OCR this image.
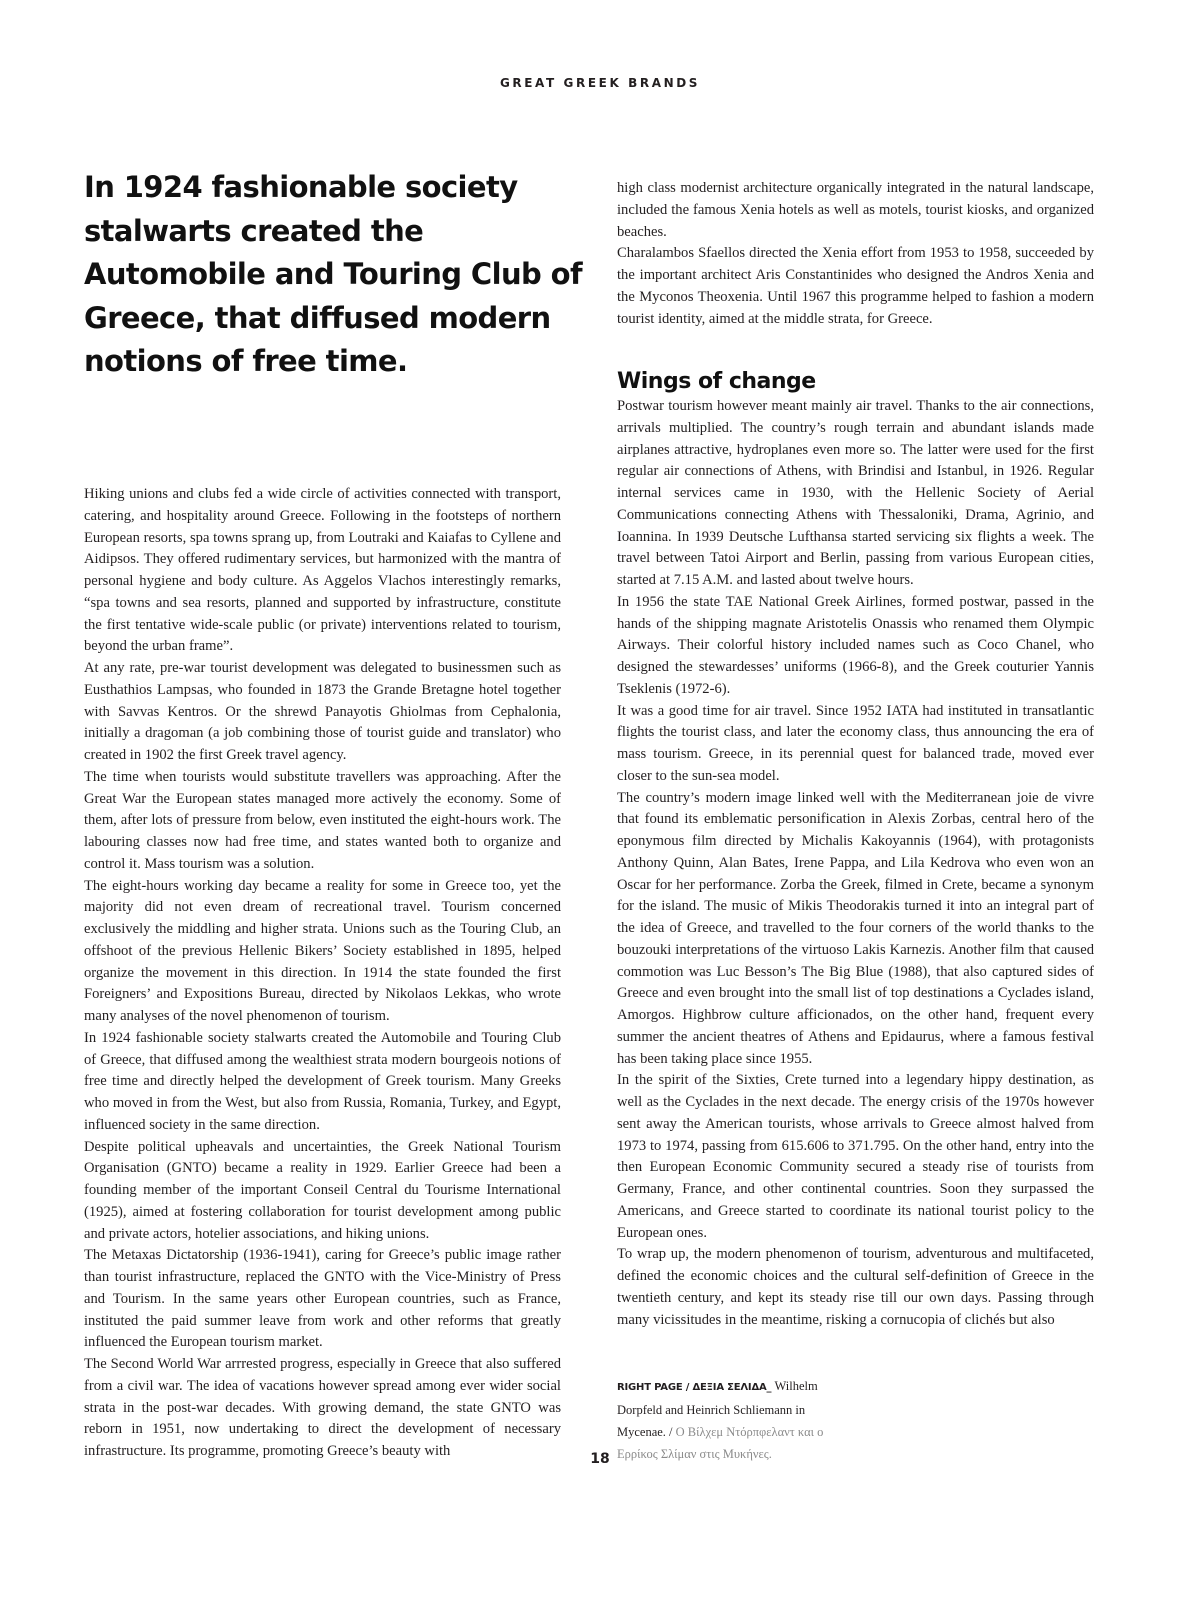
GREAT GREEK BRANDS
In 1924 fashionable society stalwarts created the Automobile and Touring Club of Greece, that diffused modern notions of free time.

Hiking unions and clubs fed a wide circle of activities connected with transport, catering, and hospitality around Greece. Following in the footsteps of northern European resorts, spa towns sprang up, from Loutraki and Kaiafas to Cyllene and Aidipsos. They offered rudimentary services, but harmonized with the mantra of personal hygiene and body culture. As Aggelos Vlachos interestingly remarks, “spa towns and sea resorts, planned and supported by infrastructure, constitute the first tentative wide-scale public (or private) interventions related to tourism, beyond the urban frame”.

At any rate, pre-war tourist development was delegated to businessmen such as Eusthathios Lampsas, who founded in 1873 the Grande Bretagne hotel together with Savvas Kentros. Or the shrewd Panayotis Ghiolmas from Cephalonia, initially a dragoman (a job combining those of tourist guide and translator) who created in 1902 the first Greek travel agency.

The time when tourists would substitute travellers was approaching. After the Great War the European states managed more actively the economy. Some of them, after lots of pressure from below, even instituted the eight-hours work. The labouring classes now had free time, and states wanted both to organize and control it. Mass tourism was a solution.

The eight-hours working day became a reality for some in Greece too, yet the majority did not even dream of recreational travel. Tourism concerned exclusively the middling and higher strata. Unions such as the Touring Club, an offshoot of the previous Hellenic Bikers’ Society established in 1895, helped organize the movement in this direction. In 1914 the state founded the first Foreigners’ and Expositions Bureau, directed by Nikolaos Lekkas, who wrote many analyses of the novel phenomenon of tourism.

In 1924 fashionable society stalwarts created the Automobile and Touring Club of Greece, that diffused among the wealthiest strata modern bourgeois notions of free time and directly helped the development of Greek tourism. Many Greeks who moved in from the West, but also from Russia, Romania, Turkey, and Egypt, influenced society in the same direction.

Despite political upheavals and uncertainties, the Greek National Tourism Organisation (GNTO) became a reality in 1929. Earlier Greece had been a founding member of the important Conseil Central du Tourisme International (1925), aimed at fostering collaboration for tourist development among public and private actors, hotelier associations, and hiking unions.

The Metaxas Dictatorship (1936-1941), caring for Greece’s public image rather than tourist infrastructure, replaced the GNTO with the Vice-Ministry of Press and Tourism. In the same years other European countries, such as France, instituted the paid summer leave from work and other reforms that greatly influenced the European tourism market.

The Second World War arrrested progress, especially in Greece that also suffered from a civil war. The idea of vacations however spread among ever wider social strata in the post-war decades. With growing demand, the state GNTO was reborn in 1951, now undertaking to direct the development of necessary infrastructure. Its programme, promoting Greece’s beauty with

high class modernist architecture organically integrated in the natural landscape, included the famous Xenia hotels as well as motels, tourist kiosks, and organized beaches.

Charalambos Sfaellos directed the Xenia effort from 1953 to 1958, succeeded by the important architect Aris Constantinides who designed the Andros Xenia and the Myconos Theoxenia. Until 1967 this programme helped to fashion a modern tourist identity, aimed at the middle strata, for Greece.

Wings of change

Postwar tourism however meant mainly air travel. Thanks to the air connections, arrivals multiplied. The country’s rough terrain and abundant islands made airplanes attractive, hydroplanes even more so. The latter were used for the first regular air connections of Athens, with Brindisi and Istanbul, in 1926. Regular internal services came in 1930, with the Hellenic Society of Aerial Communications connecting Athens with Thessaloniki, Drama, Agrinio, and Ioannina. In 1939 Deutsche Lufthansa started servicing six flights a week. The travel between Tatoi Airport and Berlin, passing from various European cities, started at 7.15 A.M. and lasted about twelve hours.

In 1956 the state TAE National Greek Airlines, formed postwar, passed in the hands of the shipping magnate Aristotelis Onassis who renamed them Olympic Airways. Their colorful history included names such as Coco Chanel, who designed the stewardesses’ uniforms (1966-8), and the Greek couturier Yannis Tseklenis (1972-6).

It was a good time for air travel. Since 1952 IATA had instituted in transatlantic flights the tourist class, and later the economy class, thus announcing the era of mass tourism. Greece, in its perennial quest for balanced trade, moved ever closer to the sun-sea model.

The country’s modern image linked well with the Mediterranean joie de vivre that found its emblematic personification in Alexis Zorbas, central hero of the eponymous film directed by Michalis Kakoyannis (1964), with protagonists Anthony Quinn, Alan Bates, Irene Pappa, and Lila Kedrova who even won an Oscar for her performance. Zorba the Greek, filmed in Crete, became a synonym for the island. The music of Mikis Theodorakis turned it into an integral part of the idea of Greece, and travelled to the four corners of the world thanks to the bouzouki interpretations of the virtuoso Lakis Karnezis. Another film that caused commotion was Luc Besson’s The Big Blue (1988), that also captured sides of Greece and even brought into the small list of top destinations a Cyclades island, Amorgos. Highbrow culture afficionados, on the other hand, frequent every summer the ancient theatres of Athens and Epidaurus, where a famous festival has been taking place since 1955.

In the spirit of the Sixties, Crete turned into a legendary hippy destination, as well as the Cyclades in the next decade. The energy crisis of the 1970s however sent away the American tourists, whose arrivals to Greece almost halved from 1973 to 1974, passing from 615.606 to 371.795. On the other hand, entry into the then European Economic Community secured a steady rise of tourists from Germany, France, and other continental countries. Soon they surpassed the Americans, and Greece started to coordinate its national tourist policy to the European ones.

To wrap up, the modern phenomenon of tourism, adventurous and multifaceted, defined the economic choices and the cultural self-definition of Greece in the twentieth century, and kept its steady rise till our own days. Passing through many vicissitudes in the meantime, risking a cornucopia of clichés but also

RIGHT PAGE / ΔΕΞΙΑ ΣΕΛΙΔΑ_ Wilhelm Dorpfeld and Heinrich Schliemann in Mycenae. / Ο Βίλχεμ Ντόρπφελαντ και ο Ερρίκος Σλίμαν στις Μυκήνες.
18
